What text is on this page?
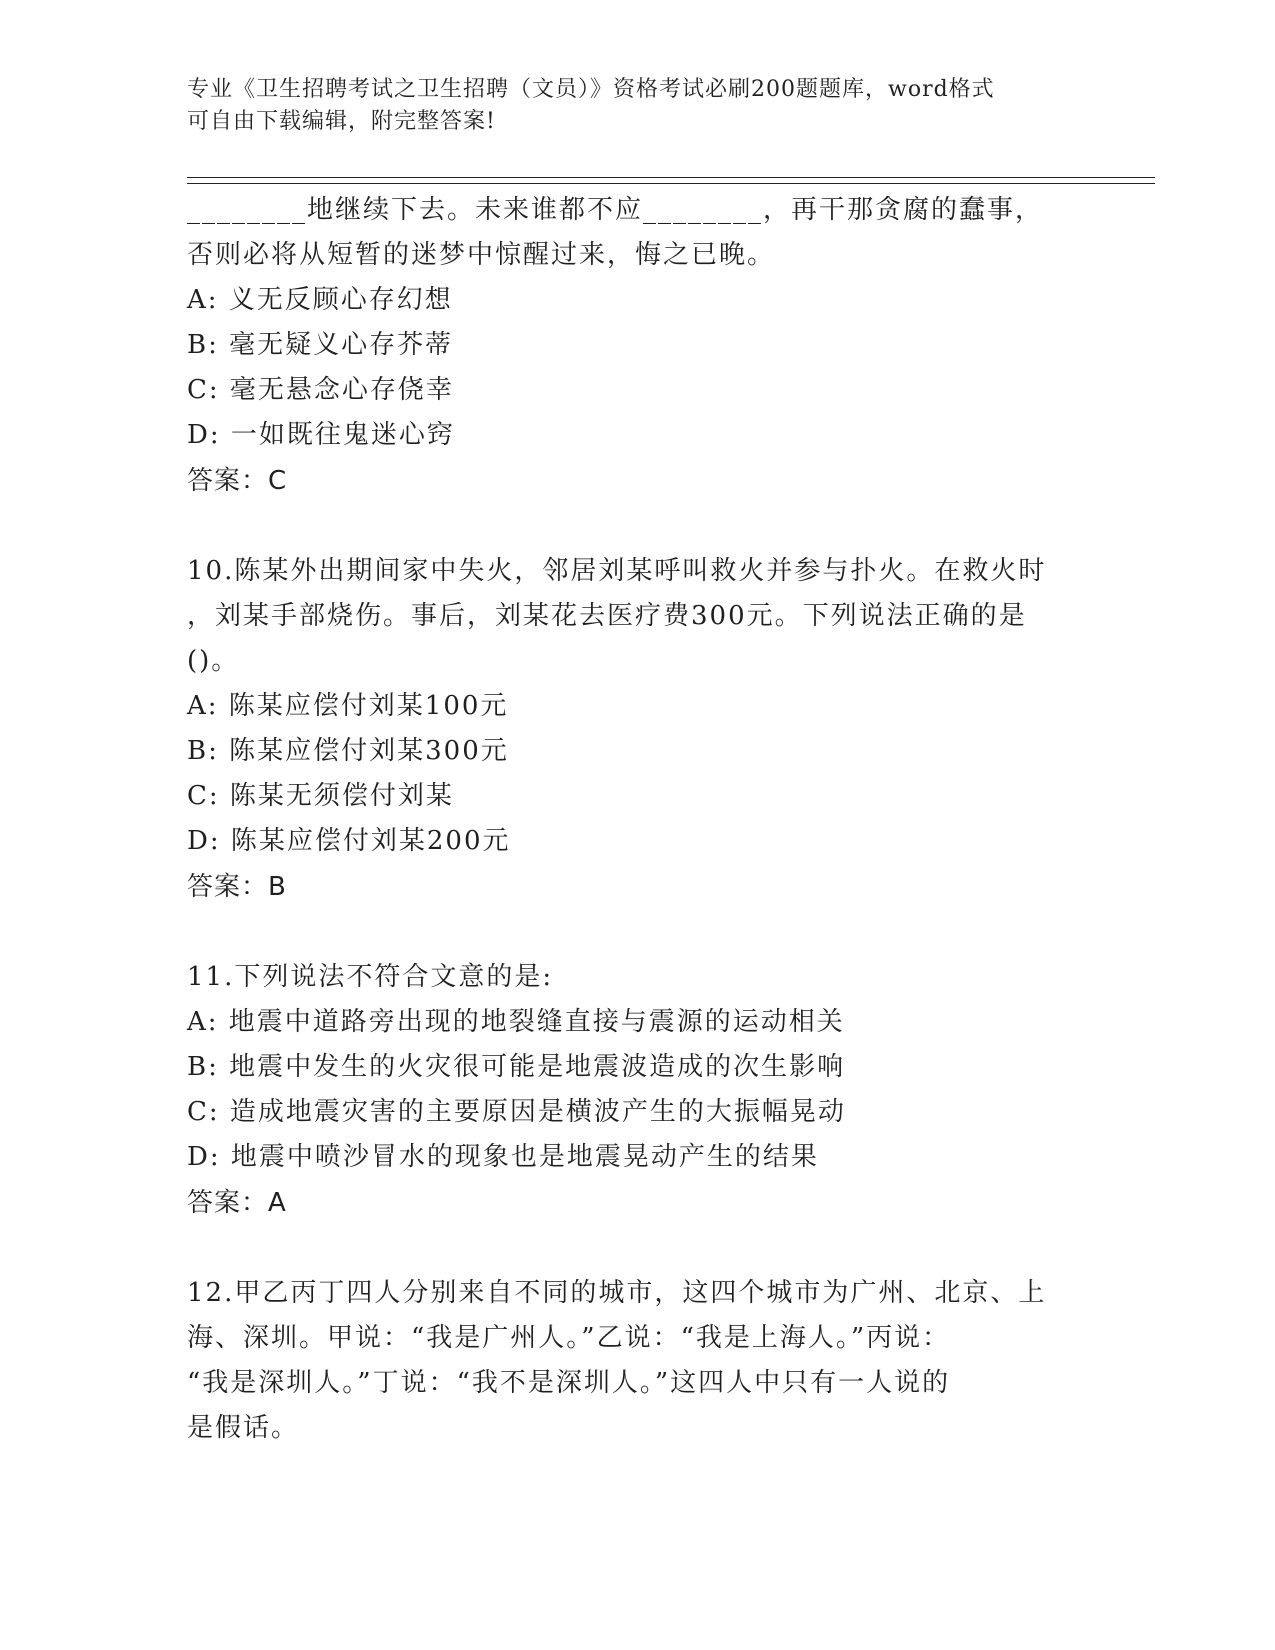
专业《卫生招聘考试之卫生招聘（文员）》资格考试必刷200题题库，word格式
可自由下载编辑，附完整答案!
________地继续下去。未来谁都不应________，再干那贪腐的蠢事，
否则必将从短暂的迷梦中惊醒过来，悔之已晚。
A: 义无反顾心存幻想
B: 毫无疑义心存芥蒂
C: 毫无悬念心存侥幸
D: 一如既往鬼迷心窍
答案：C
10.陈某外出期间家中失火，邻居刘某呼叫救火并参与扑火。在救火时
，刘某手部烧伤。事后，刘某花去医疗费300元。下列说法正确的是
()。
A: 陈某应偿付刘某100元
B: 陈某应偿付刘某300元
C: 陈某无须偿付刘某
D: 陈某应偿付刘某200元
答案：B
11.下列说法不符合文意的是:
A: 地震中道路旁出现的地裂缝直接与震源的运动相关
B: 地震中发生的火灾很可能是地震波造成的次生影响
C: 造成地震灾害的主要原因是横波产生的大振幅晃动
D: 地震中喷沙冒水的现象也是地震晃动产生的结果
答案：A
12.甲乙丙丁四人分别来自不同的城市，这四个城市为广州、北京、上
海、深圳。甲说：“我是广州人。”乙说：“我是上海人。”丙说：
“我是深圳人。”丁说：“我不是深圳人。”这四人中只有一人说的
是假话。
